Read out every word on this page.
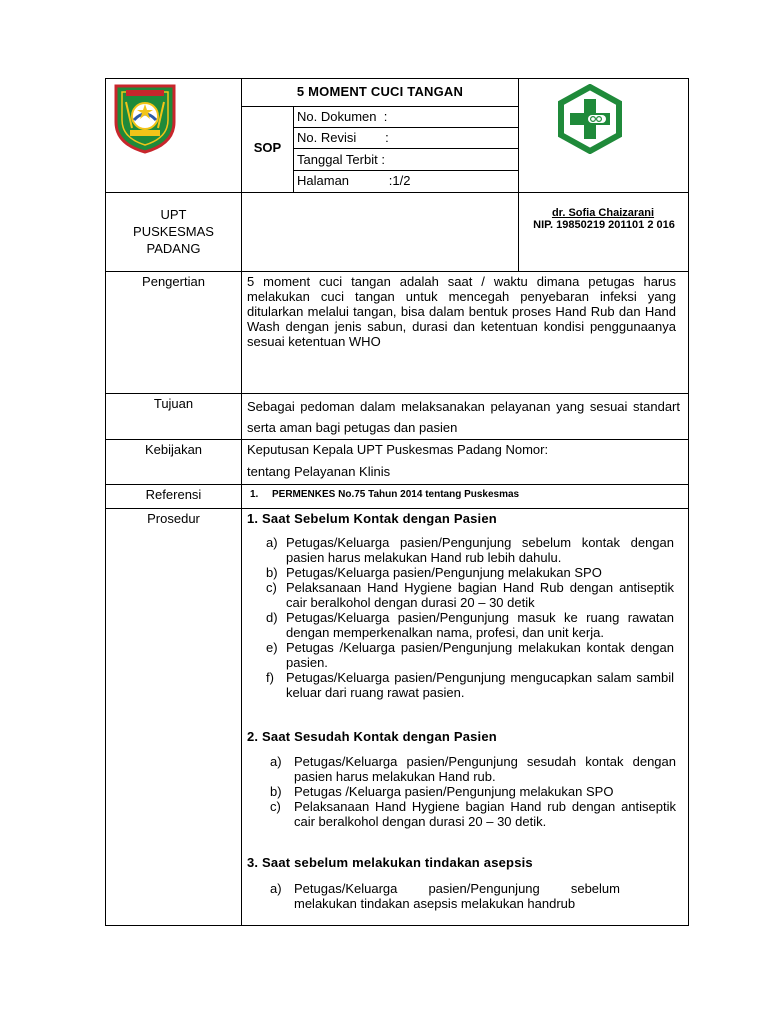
5 MOMENT CUCI TANGAN
SOP
No. Dokumen  :
No. Revisi        :
Tanggal Terbit :
Halaman           :1/2
UPT
PUSKESMAS
PADANG
dr. Sofia Chaizarani
NIP. 19850219 201101 2 016
Pengertian	5 moment cuci tangan adalah saat / waktu dimana petugas harus melakukan cuci tangan untuk mencegah penyebaran infeksi yang ditularkan melalui tangan, bisa dalam bentuk proses Hand Rub dan Hand Wash dengan jenis sabun, durasi dan ketentuan kondisi penggunaanya sesuai ketentuan WHO
Tujuan	Sebagai pedoman dalam melaksanakan pelayanan yang sesuai standart serta aman bagi petugas dan pasien
Kebijakan	Keputusan Kepala UPT Puskesmas Padang Nomor:
tentang Pelayanan Klinis
Referensi	1. PERMENKES No.75 Tahun 2014 tentang Puskesmas
Prosedur	1. Saat Sebelum Kontak dengan Pasien
a) Petugas/Keluarga pasien/Pengunjung sebelum kontak dengan pasien harus melakukan Hand rub lebih dahulu.
b) Petugas/Keluarga pasien/Pengunjung melakukan SPO
c) Pelaksanaan Hand Hygiene bagian Hand Rub dengan antiseptik cair beralkohol dengan durasi 20 – 30 detik
d) Petugas/Keluarga pasien/Pengunjung masuk ke ruang rawatan dengan memperkenalkan nama, profesi, dan unit kerja.
e) Petugas /Keluarga pasien/Pengunjung melakukan kontak dengan pasien.
f) Petugas/Keluarga pasien/Pengunjung mengucapkan salam sambil keluar dari ruang rawat pasien.
2. Saat Sesudah Kontak dengan Pasien
a) Petugas/Keluarga pasien/Pengunjung sesudah kontak dengan pasien harus melakukan Hand rub.
b) Petugas /Keluarga pasien/Pengunjung melakukan SPO
c) Pelaksanaan Hand Hygiene bagian Hand rub dengan antiseptik cair beralkohol dengan durasi 20 – 30 detik.
3. Saat sebelum melakukan tindakan asepsis
a) Petugas/Keluarga pasien/Pengunjung sebelum melakukan tindakan asepsis melakukan handrub
